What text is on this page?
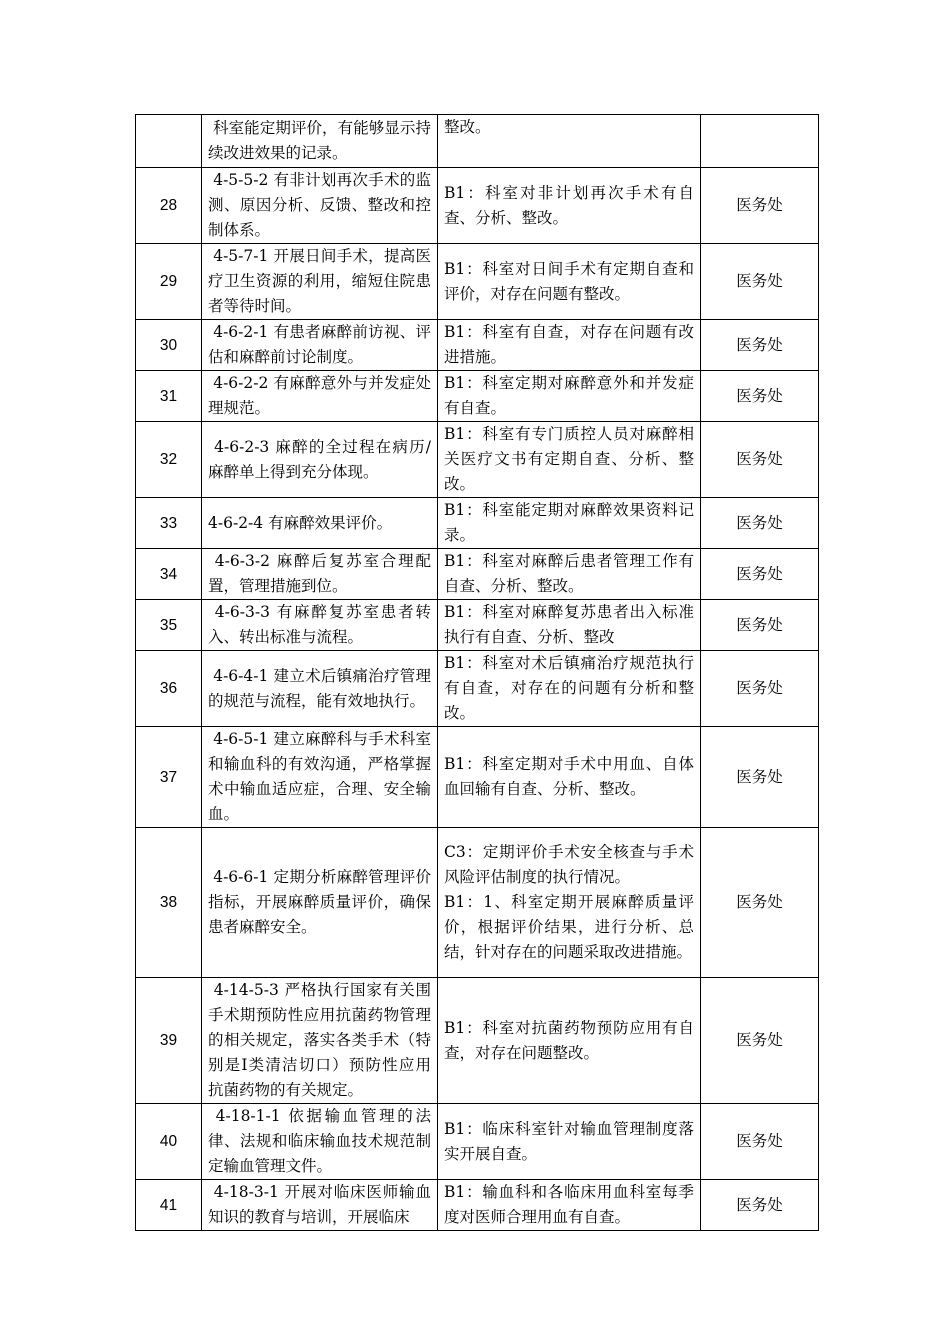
	科室能定期评价，有能够显示持续改进效果的记录。	整改。	
28	4-5-5-2 有非计划再次手术的监测、原因分析、反馈、整改和控制体系。	B1：科室对非计划再次手术有自查、分析、整改。	医务处
29	4-5-7-1 开展日间手术，提高医疗卫生资源的利用，缩短住院患者等待时间。	B1：科室对日间手术有定期自查和评价，对存在问题有整改。	医务处
30	4-6-2-1 有患者麻醉前访视、评估和麻醉前讨论制度。	B1：科室有自查，对存在问题有改进措施。	医务处
31	4-6-2-2 有麻醉意外与并发症处理规范。	B1：科室定期对麻醉意外和并发症有自查。	医务处
32	4-6-2-3 麻醉的全过程在病历/麻醉单上得到充分体现。	B1：科室有专门质控人员对麻醉相关医疗文书有定期自查、分析、整改。	医务处
33	4-6-2-4 有麻醉效果评价。	B1：科室能定期对麻醉效果资料记录。	医务处
34	4-6-3-2 麻醉后复苏室合理配置，管理措施到位。	B1：科室对麻醉后患者管理工作有自查、分析、整改。	医务处
35	4-6-3-3 有麻醉复苏室患者转入、转出标准与流程。	B1：科室对麻醉复苏患者出入标准执行有自查、分析、整改	医务处
36	4-6-4-1 建立术后镇痛治疗管理的规范与流程，能有效地执行。	B1：科室对术后镇痛治疗规范执行有自查，对存在的问题有分析和整改。	医务处
37	4-6-5-1 建立麻醉科与手术科室和输血科的有效沟通，严格掌握术中输血适应症，合理、安全输血。	B1：科室定期对手术中用血、自体血回输有自查、分析、整改。	医务处
38	4-6-6-1 定期分析麻醉管理评价指标，开展麻醉质量评价，确保患者麻醉安全。	C3：定期评价手术安全核查与手术风险评估制度的执行情况。
B1：1、科室定期开展麻醉质量评价，根据评价结果，进行分析、总结，针对存在的问题采取改进措施。	医务处
39	4-14-5-3 严格执行国家有关围手术期预防性应用抗菌药物管理的相关规定，落实各类手术（特别是Ⅰ类清洁切口）预防性应用抗菌药物的有关规定。	B1：科室对抗菌药物预防应用有自查，对存在问题整改。	医务处
40	4-18-1-1 依据输血管理的法律、法规和临床输血技术规范制定输血管理文件。	B1：临床科室针对输血管理制度落实开展自查。	医务处
41	4-18-3-1 开展对临床医师输血知识的教育与培训，开展临床	B1：输血科和各临床用血科室每季度对医师合理用血有自查。	医务处
